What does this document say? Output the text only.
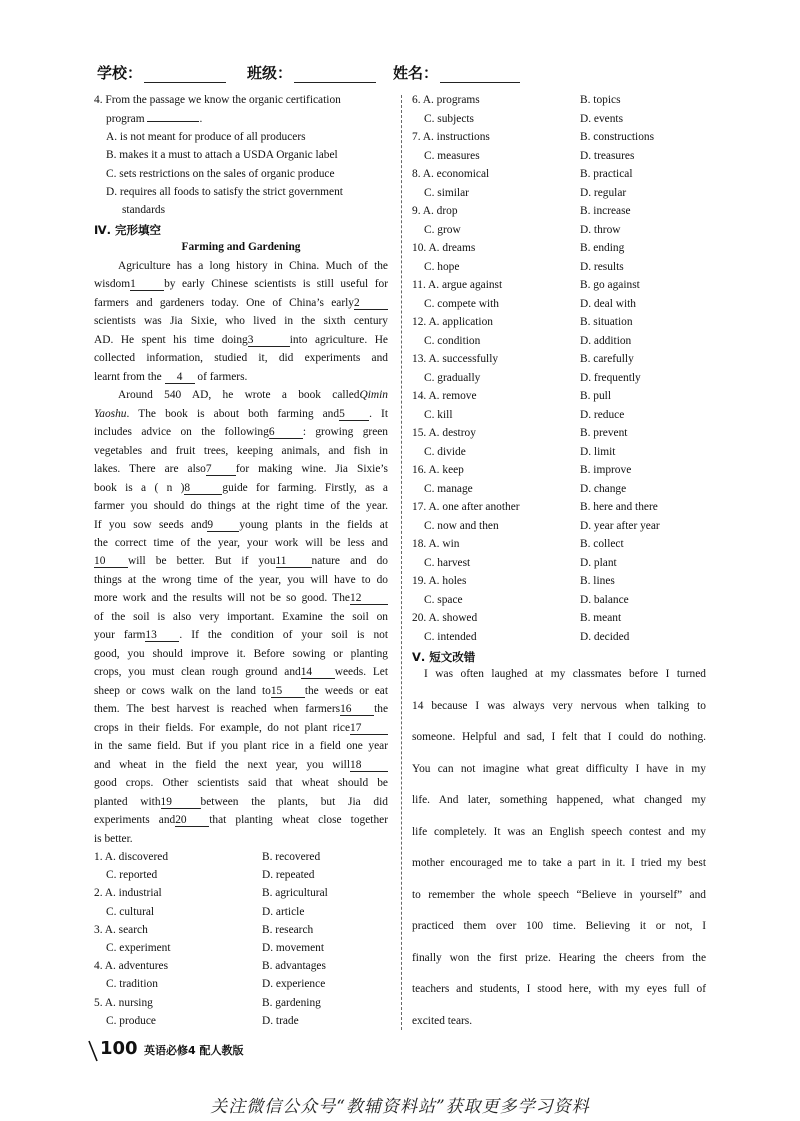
学校：	班级：	姓名：
4. From the passage we know the organic certification
program	.
A. is not meant for produce of all producers
B. makes it a must to attach a USDA Organic label
C. sets restrictions on the sales of organic produce
D. requires all foods to satisfy the strict government
standards
Ⅳ. 完形填空
Farming and Gardening
Agriculture has a long history in China. Much of the
wisdom1 by early Chinese scientists is still useful for
farmers and gardeners today. One of China’s early2
scientists was Jia Sixie, who lived in the sixth century
AD. He spent his time doing3	into agriculture. He
collected information, studied it, did experiments and
learnt from the 4 of farmers.
Around 540 AD, he wrote a book calledQimin
Yaoshu. The book is about both farming and5 . It
includes advice on the following6 : growing green
vegetables and fruit trees, keeping animals, and fish in
lakes. There are also7 for making wine. Jia Sixie’s
book is a ( n )8	guide for farming. Firstly, as a
farmer you should do things at the right time of the year.
If you sow seeds and9 young plants in the fields at
the correct time of the year, your work will be less and
10 will be better. But if you11 nature and do
things at the wrong time of the year, you will have to do
more work and the results will not be so good. The12
of the soil is also very important. Examine the soil on
your farm13 . If the condition of your soil is not
good, you should improve it. Before sowing or planting
crops, you must clean rough ground and14 weeds. Let
sheep or cows walk on the land to15 the weeds or eat
them. The best harvest is reached when farmers16 the
crops in their fields. For example, do not plant rice17
in the same field. But if you plant rice in a field one year
and wheat in the field the next year, you will18
good crops. Other scientists said that wheat should be
planted with19	between the plants, but Jia did
experiments and20 that planting wheat close together
is better.
1. A. discovered	B. recovered
C. reported	D. repeated
2. A. industrial	B. agricultural
C. cultural	D. article
3. A. search	B. research
C. experiment	D. movement
4. A. adventures	B. advantages
C. tradition	D. experience
5. A. nursing	B. gardening
C. produce	D. trade
6. A. programs	B. topics
C. subjects	D. events
7. A. instructions	B. constructions
C. measures	D. treasures
8. A. economical	B. practical
C. similar	D. regular
9. A. drop	B. increase
C. grow	D. throw
10. A. dreams	B. ending
C. hope	D. results
11. A. argue against	B. go against
C. compete with	D. deal with
12. A. application	B. situation
C. condition	D. addition
13. A. successfully	B. carefully
C. gradually	D. frequently
14. A. remove	B. pull
C. kill	D. reduce
15. A. destroy	B. prevent
C. divide	D. limit
16. A. keep	B. improve
C. manage	D. change
17. A. one after another	B. here and there
C. now and then	D. year after year
18. A. win	B. collect
C. harvest	D. plant
19. A. holes	B. lines
C. space	D. balance
20. A. showed	B. meant
C. intended	D. decided
Ⅴ. 短文改错
I was often laughed at my classmates before I turned
14 because I was always very nervous when talking to
someone. Helpful and sad, I felt that I could do nothing.
You can not imagine what great difficulty I have in my
life. And later, something happened, what changed my
life completely. It was an English speech contest and my
mother encouraged me to take a part in it. I tried my best
to remember the whole speech “Believe in yourself” and
practiced them over 100 time. Believing it or not, I
finally won the first prize. Hearing the cheers from the
teachers and students, I stood here, with my eyes full of
excited tears.
100 英语必修4 配人教版
关注微信公众号“教辅资料站”获取更多学习资料
